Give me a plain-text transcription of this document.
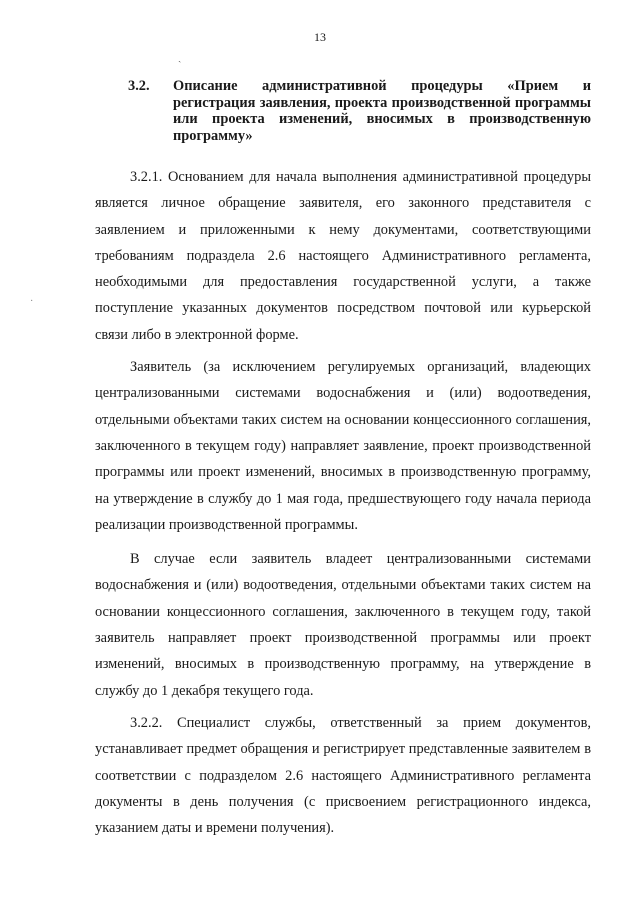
13
ˏ
·
3.2.	Описание административной процедуры «Прием и регистрация заявления, проекта производственной программы или проекта изменений, вносимых в производственную программу»

3.2.1. Основанием для начала выполнения административной процедуры является личное обращение заявителя, его законного представителя с заявлением и приложенными к нему документами, соответствующими требованиям подраздела 2.6 настоящего Административного регламента, необходимыми для предоставления государственной услуги, а также поступление указанных документов посредством почтовой или курьерской связи либо в электронной форме.

Заявитель (за исключением регулируемых организаций, владеющих централизованными системами водоснабжения и (или) водоотведения, отдельными объектами таких систем на основании концессионного соглашения, заключенного в текущем году) направляет заявление, проект производственной программы или проект изменений, вносимых в производственную программу, на утверждение в службу до 1 мая года, предшествующего году начала периода реализации производственной программы.

В случае если заявитель владеет централизованными системами водоснабжения и (или) водоотведения, отдельными объектами таких систем на основании концессионного соглашения, заключенного в текущем году, такой заявитель направляет проект производственной программы или проект изменений, вносимых в производственную программу, на утверждение в службу до 1 декабря текущего года.

3.2.2. Специалист службы, ответственный за прием документов, устанавливает предмет обращения и регистрирует представленные заявителем в соответствии с подразделом 2.6 настоящего Административного регламента документы в день получения (с присвоением регистрационного индекса, указанием даты и времени получения).
